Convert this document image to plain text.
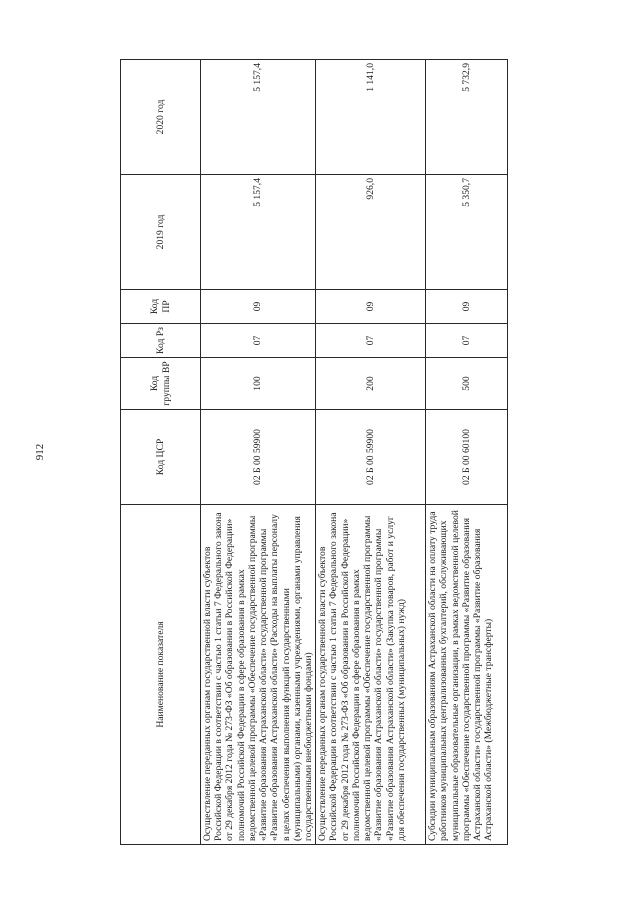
912
Наименование показателя	Код ЦСР	Код группы ВР	Код Рз	Код ПР	2019 год	2020 год
Осуществление переданных органам государственной власти субъектов Российской Федерации в соответствии с частью 1 статьи 7 Федерального закона от 29 декабря 2012 года № 273-ФЗ «Об образовании в Российской Федерации» полномочий Российской Федерации в сфере образования в рамках ведомственной целевой программы «Обеспечение государственной программы «Развитие образования Астраханской области» государственной программы «Развитие образования Астраханской области» (Расходы на выплаты персоналу в целях обеспечения выполнения функций государственными (муниципальными) органами, казенными учреждениями, органами управления государственными внебюджетными фондами)	02 Б 00 59900	100	07	09	5 157,4	5 157,4
Осуществление переданных органам государственной власти субъектов Российской Федерации в соответствии с частью 1 статьи 7 Федерального закона от 29 декабря 2012 года № 273-ФЗ «Об образовании в Российской Федерации» полномочий Российской Федерации в сфере образования в рамках ведомственной целевой программы «Обеспечение государственной программы «Развитие образования Астраханской области» государственной программы «Развитие образования Астраханской области» (Закупка товаров, работ и услуг для обеспечения государственных (муниципальных) нужд)	02 Б 00 59900	200	07	09	926,0	1 141,0
Субсидии муниципальным образованиям Астраханской области на оплату труда работников муниципальных централизованных бухгалтерий, обслуживающих муниципальные образовательные организации, в рамках ведомственной целевой программы «Обеспечение государственной программы «Развитие образования Астраханской области» государственной программы «Развитие образования Астраханской области» (Межбюджетные трансферты)	02 Б 00 60100	500	07	09	5 350,7	5 732,9
